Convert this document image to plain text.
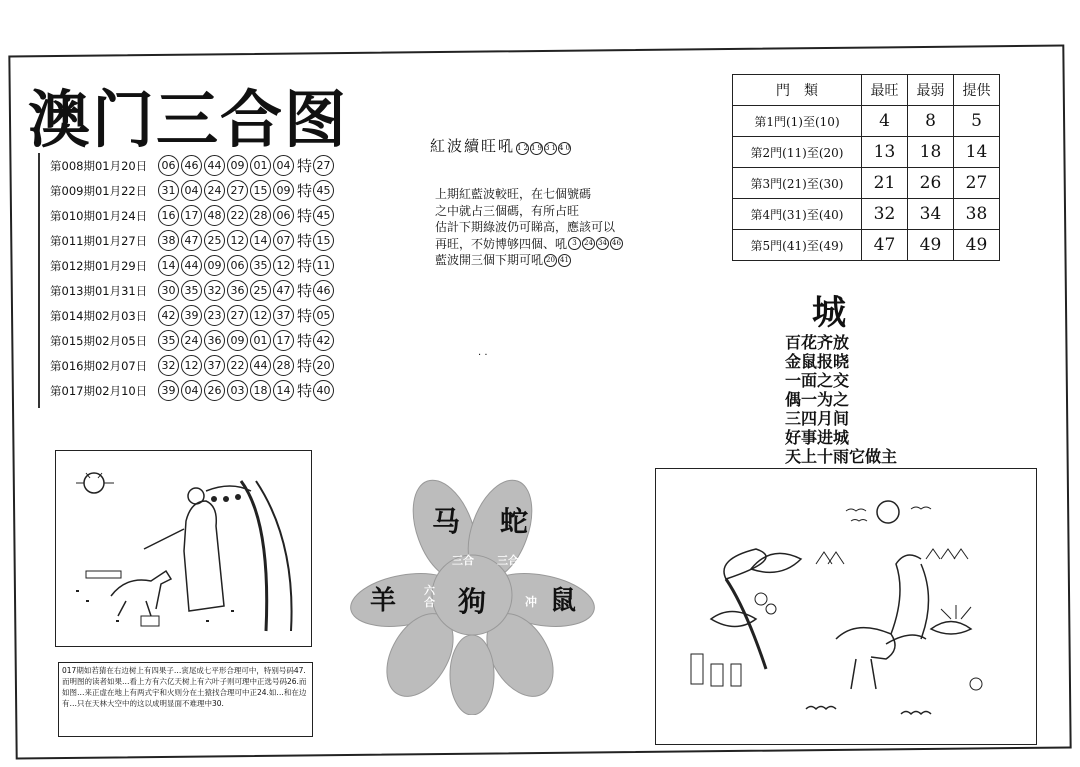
澳门三合图
第008期01月20日	06 46 44 09 01 04 特 27
第009期01月22日	31 04 24 27 15 09 特 45
第010期01月24日	16 17 48 22 28 06 特 45
第011期01月27日	38 47 25 12 14 07 特 15
第012期01月29日	14 44 09 06 35 12 特 11
第013期01月31日	30 35 32 36 25 47 特 46
第014期02月03日	42 39 23 27 12 37 特 05
第015期02月05日	35 24 36 09 01 17 特 42
第016期02月07日	32 12 37 22 44 28 特 20
第017期02月10日	39 04 26 03 18 14 特 40
紅波續旺吼 12193140
上期紅藍波較旺，在七個號碼
之中就占三個碼，有所占旺
估計下期綠波仍可睇高，應該可以
再旺，不妨博够四個、吼 3	24 34 46
藍波開三個下期可吼 20 41
門　類	最旺	最弱	提供
第1門(1)至(10)	4	8	5
第2門(11)至(20)	13	18	14
第3門(21)至(30)	21	26	27
第4門(31)至(40)	32	34	38
第5門(41)至(49)	47	49	49
城
百花齐放
金鼠报晓
一面之交
偶一为之
三四月间
好事进城
天上十雨它做主
· ·
017期如若猜在右边树上有四果子…寅尾成七平形合理可中，特别号码47.而明图的读者如果…看上方有六亿天树上有六叶子则可理中正选号码26.而如图…来正虚在地上有两式宇和火则分在土猿找合理可中正24.如…和在边有…只在天林大空中的这以成明显面不难理中30.
马 蛇
三合 三合
羊 狗 鼠
六合	冲
